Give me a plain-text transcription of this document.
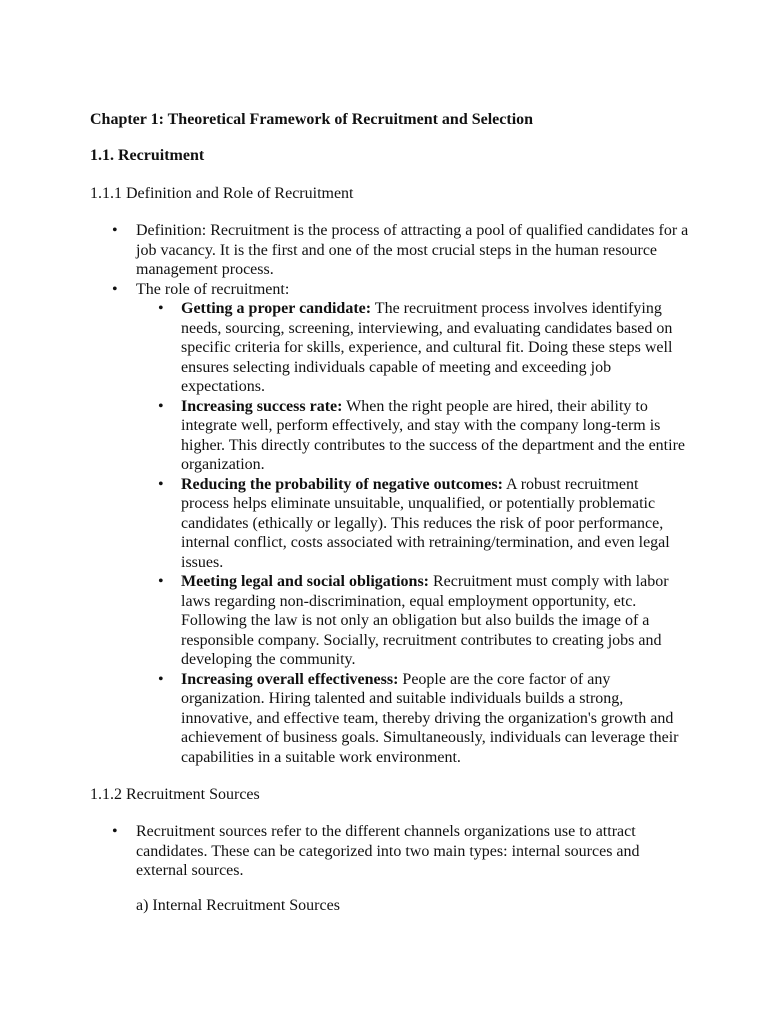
Chapter 1: Theoretical Framework of Recruitment and Selection

1.1. Recruitment

1.1.1 Definition and Role of Recruitment

• Definition: Recruitment is the process of attracting a pool of qualified candidates for a job vacancy. It is the first and one of the most crucial steps in the human resource management process.
• The role of recruitment:
• Getting a proper candidate: The recruitment process involves identifying needs, sourcing, screening, interviewing, and evaluating candidates based on specific criteria for skills, experience, and cultural fit. Doing these steps well ensures selecting individuals capable of meeting and exceeding job expectations.
• Increasing success rate: When the right people are hired, their ability to integrate well, perform effectively, and stay with the company long-term is higher. This directly contributes to the success of the department and the entire organization.
• Reducing the probability of negative outcomes: A robust recruitment process helps eliminate unsuitable, unqualified, or potentially problematic candidates (ethically or legally). This reduces the risk of poor performance, internal conflict, costs associated with retraining/termination, and even legal issues.
• Meeting legal and social obligations: Recruitment must comply with labor laws regarding non-discrimination, equal employment opportunity, etc. Following the law is not only an obligation but also builds the image of a responsible company. Socially, recruitment contributes to creating jobs and developing the community.
• Increasing overall effectiveness: People are the core factor of any organization. Hiring talented and suitable individuals builds a strong, innovative, and effective team, thereby driving the organization's growth and achievement of business goals. Simultaneously, individuals can leverage their capabilities in a suitable work environment.

1.1.2 Recruitment Sources

• Recruitment sources refer to the different channels organizations use to attract candidates. These can be categorized into two main types: internal sources and external sources.

a) Internal Recruitment Sources
